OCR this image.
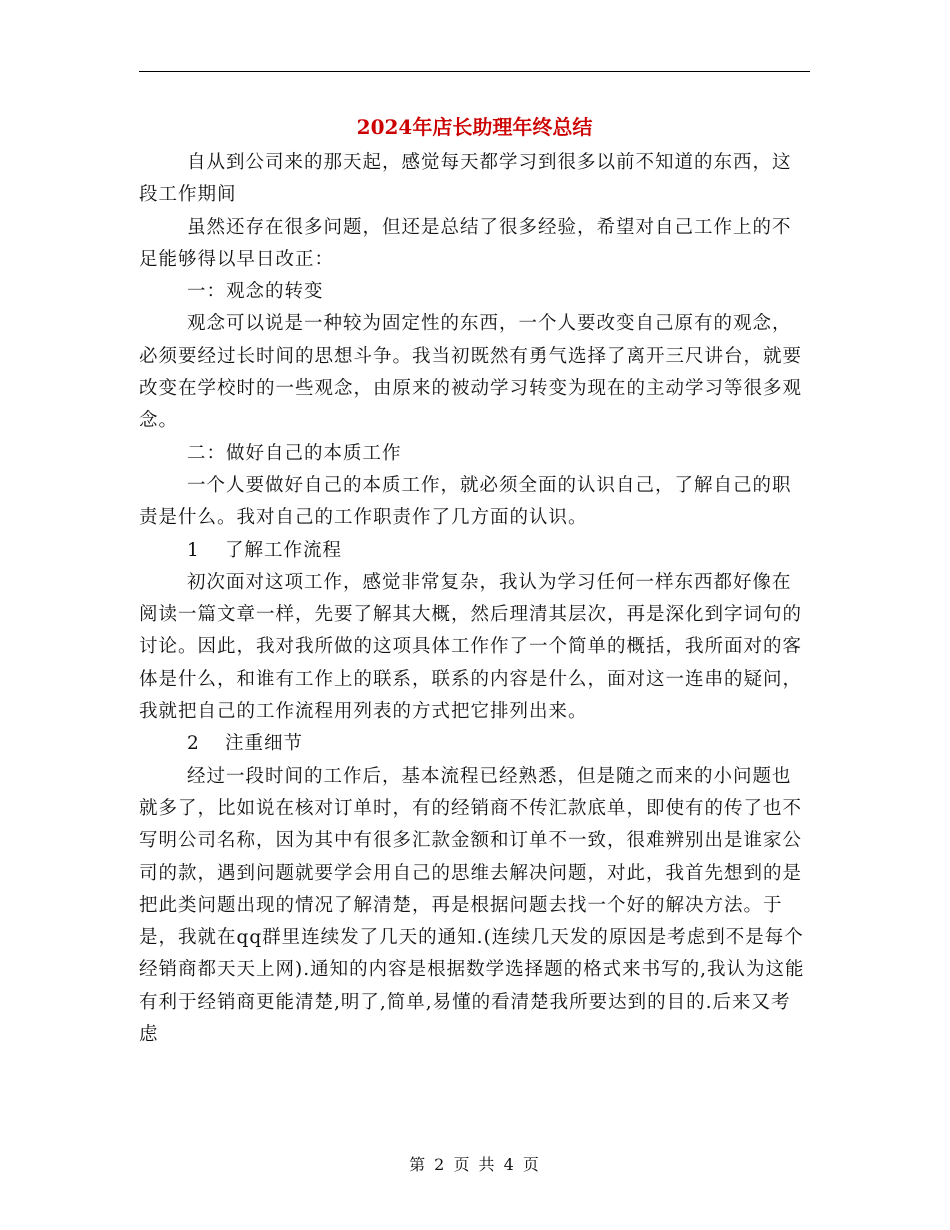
2024年店长助理年终总结

自从到公司来的那天起，感觉每天都学习到很多以前不知道的东西，这段工作期间

虽然还存在很多问题，但还是总结了很多经验，希望对自己工作上的不足能够得以早日改正：

一：观念的转变

观念可以说是一种较为固定性的东西，一个人要改变自己原有的观念，必须要经过长时间的思想斗争。我当初既然有勇气选择了离开三尺讲台，就要改变在学校时的一些观念，由原来的被动学习转变为现在的主动学习等很多观念。

二：做好自己的本质工作

一个人要做好自己的本质工作，就必须全面的认识自己，了解自己的职责是什么。我对自己的工作职责作了几方面的认识。

1 了解工作流程

初次面对这项工作，感觉非常复杂，我认为学习任何一样东西都好像在阅读一篇文章一样，先要了解其大概，然后理清其层次，再是深化到字词句的讨论。因此，我对我所做的这项具体工作作了一个简单的概括，我所面对的客体是什么，和谁有工作上的联系，联系的内容是什么，面对这一连串的疑问，我就把自己的工作流程用列表的方式把它排列出来。

2 注重细节

经过一段时间的工作后，基本流程已经熟悉，但是随之而来的小问题也就多了，比如说在核对订单时，有的经销商不传汇款底单，即使有的传了也不写明公司名称，因为其中有很多汇款金额和订单不一致，很难辨别出是谁家公司的款，遇到问题就要学会用自己的思维去解决问题，对此，我首先想到的是把此类问题出现的情况了解清楚，再是根据问题去找一个好的解决方法。于是，我就在qq群里连续发了几天的通知.(连续几天发的原因是考虑到不是每个经销商都天天上网).通知的内容是根据数学选择题的格式来书写的,我认为这能有利于经销商更能清楚,明了,简单,易懂的看清楚我所要达到的目的.后来又考虑

第 2 页 共 4 页
